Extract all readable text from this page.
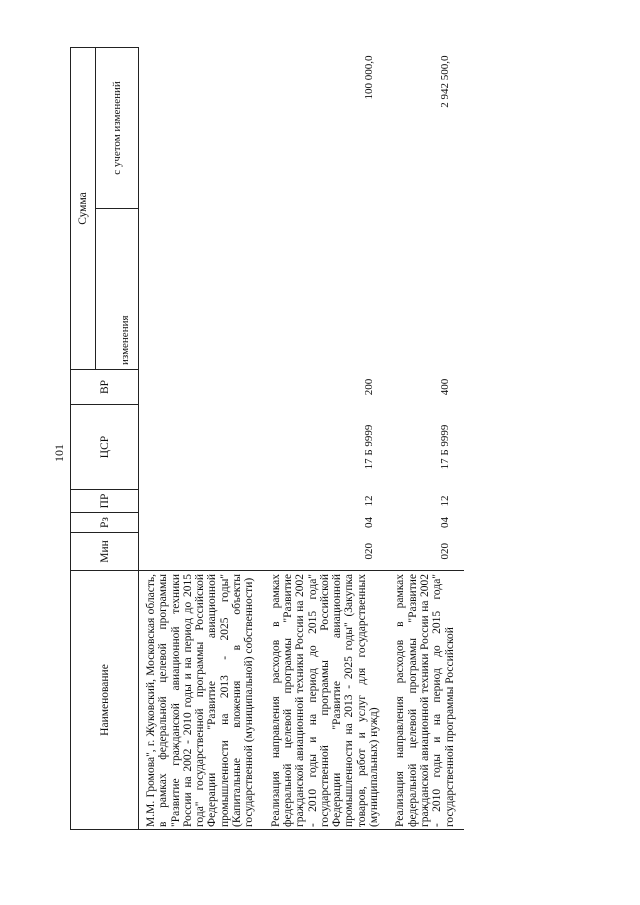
101
Наименование	Мин	Рз	ПР	ЦСР	ВР	Сумма	
						изменения	с учетом изменений
М.М. Громова", г. Жуковский, Московская область, в рамках федеральной целевой программы "Развитие гражданской авиационной техники России на 2002 - 2010 годы и на период до 2015 года" государственной программы Российской Федерации "Развитие авиационной промышленности на 2013 - 2025 годы" (Капитальные вложения в объекты государственной (муниципальной) собственности)							
Реализация направления расходов в рамках федеральной целевой программы "Развитие гражданской авиационной техники России на 2002 - 2010 годы и на период до 2015 года" государственной программы Российской Федерации "Развитие авиационной промышленности на 2013 - 2025 годы" (Закупка товаров, работ и услуг для государственных (муниципальных) нужд)	020	04	12	17 Б 9999	200		100 000,0
Реализация направления расходов в рамках федеральной целевой программы "Развитие гражданской авиационной техники России на 2002 - 2010 годы и на период до 2015 года" государственной программы Российской	020	04	12	17 Б 9999	400		2 942 500,0
